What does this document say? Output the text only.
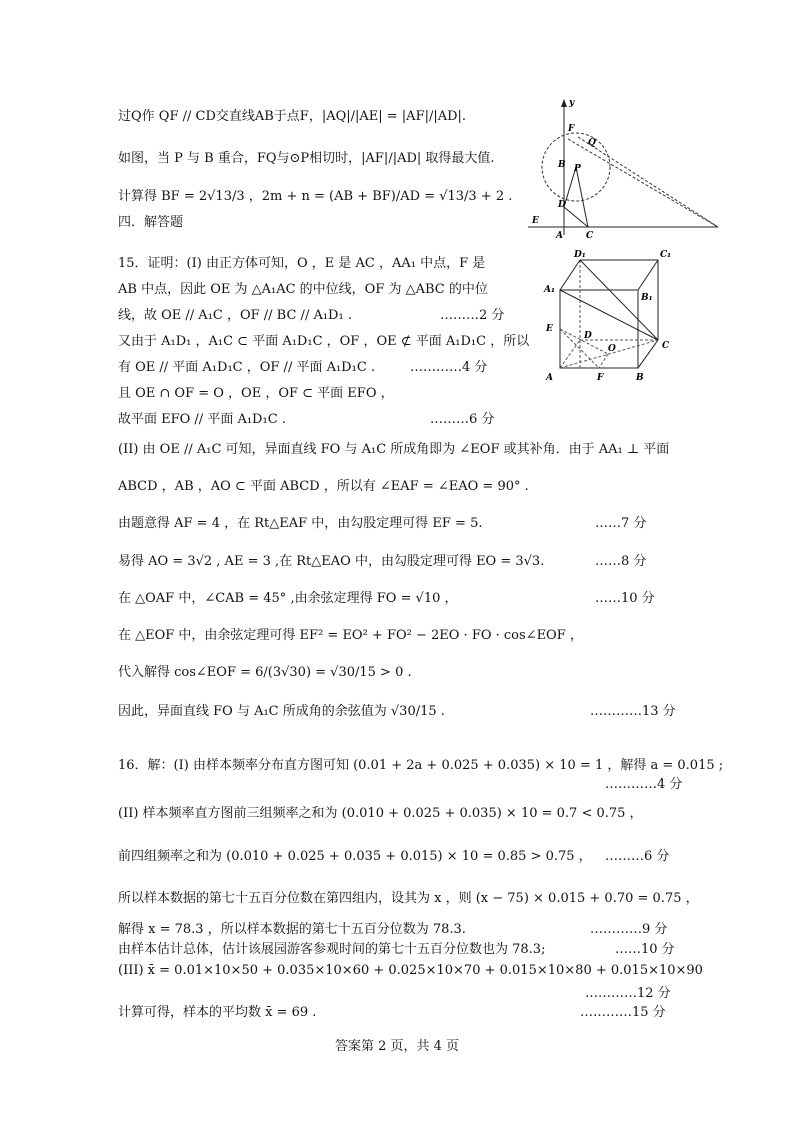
过Q作 QF // CD交直线AB于点F，|AQ|/|AE| = |AF|/|AD|.
如图，当 P 与 B 重合，FQ与⊙P相切时，|AF|/|AD| 取得最大值.
计算得 BF = 2√13/3 ，2m + n = (AB + BF)/AD = √13/3 + 2 .
四．解答题
y
F
Q
B P
D
E
A	C
15．证明：(I) 由正方体可知，O ，E 是 AC ，AA₁ 中点，F 是
AB 中点，因此 OE 为 △A₁AC 的中位线，OF 为 △ABC 的中位
线，故 OE // A₁C ，OF // BC // A₁D₁ .	………2 分
又由于 A₁D₁ ，A₁C ⊂ 平面 A₁D₁C ，OF ，OE ⊄ 平面 A₁D₁C ，所以
有 OE // 平面 A₁D₁C ，OF // 平面 A₁D₁C .	…………4 分
且 OE ∩ OF = O ，OE ，OF ⊂ 平面 EFO ，
故平面 EFO // 平面 A₁D₁C .	………6 分
D₁	C₁
A₁
B₁
E
D
O	C
A	F	B
(II) 由 OE // A₁C 可知，异面直线 FO 与 A₁C 所成角即为 ∠EOF 或其补角．由于 AA₁ ⊥ 平面
ABCD ，AB ，AO ⊂ 平面 ABCD ，所以有 ∠EAF = ∠EAO = 90° .
由题意得 AF = 4 ，在 Rt△EAF 中，由勾股定理可得 EF = 5.	……7 分
易得 AO = 3√2 , AE = 3 ,在 Rt△EAO 中，由勾股定理可得 EO = 3√3.	……8 分
在 △OAF 中，∠CAB = 45° ,由余弦定理得 FO = √10 ，	……10 分
在 △EOF 中，由余弦定理可得 EF² = EO² + FO² − 2EO · FO · cos∠EOF ，
代入解得 cos∠EOF = 6/(3√30) = √30/15 > 0 .
因此，异面直线 FO 与 A₁C 所成角的余弦值为 √30/15 .	…………13 分
16．解：(I) 由样本频率分布直方图可知 (0.01 + 2a + 0.025 + 0.035) × 10 = 1 ，解得 a = 0.015 ;
…………4 分
(II) 样本频率直方图前三组频率之和为 (0.010 + 0.025 + 0.035) × 10 = 0.7 < 0.75 ，
前四组频率之和为 (0.010 + 0.025 + 0.035 + 0.015) × 10 = 0.85 > 0.75 ， ………6 分
所以样本数据的第七十五百分位数在第四组内，设其为 x ，则 (x − 75) × 0.015 + 0.70 = 0.75 ，
解得 x = 78.3 ，所以样本数据的第七十五百分位数为 78.3.	…………9 分
由样本估计总体，估计该展园游客参观时间的第七十五百分位数也为 78.3;	……10 分
(III) x̄ = 0.01×10×50 + 0.035×10×60 + 0.025×10×70 + 0.015×10×80 + 0.015×10×90
…………12 分
计算可得，样本的平均数 x̄ = 69 .	…………15 分
答案第 2 页，共 4 页
